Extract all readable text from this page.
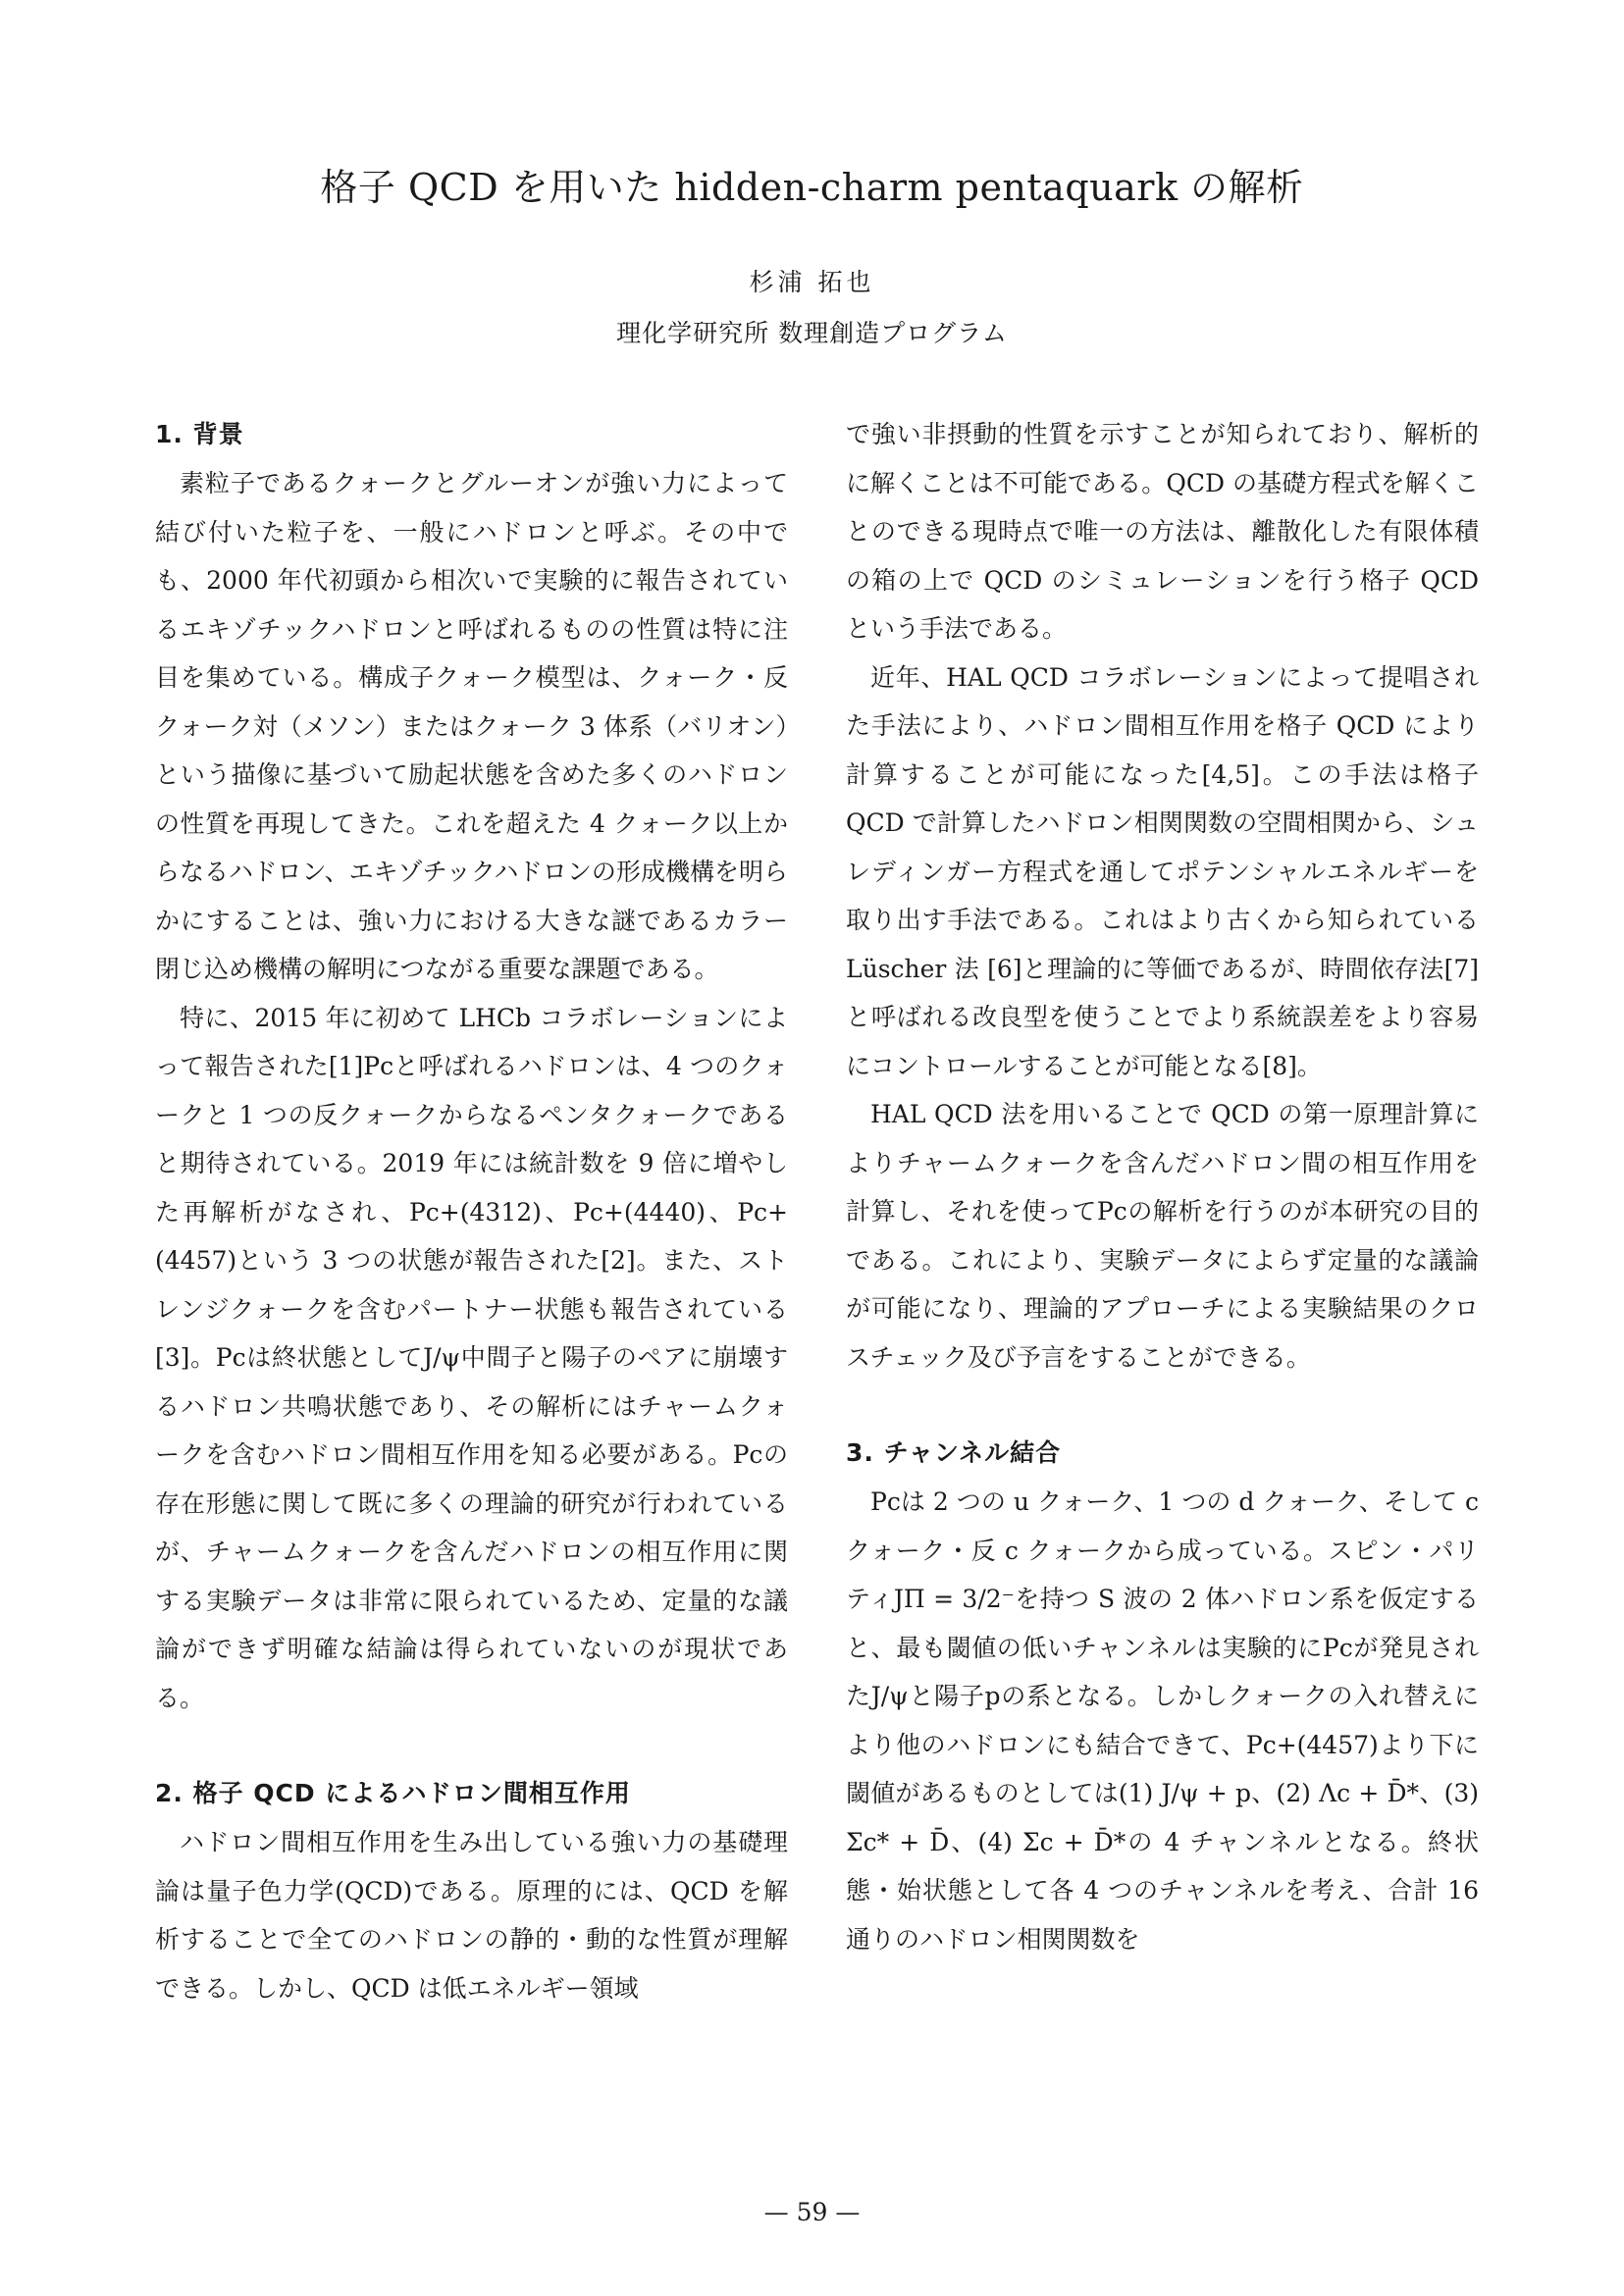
格子 QCD を用いた hidden-charm pentaquark の解析
杉浦 拓也
理化学研究所 数理創造プログラム
1. 背景

素粒子であるクォークとグルーオンが強い力によって結び付いた粒子を、一般にハドロンと呼ぶ。その中でも、2000 年代初頭から相次いで実験的に報告されているエキゾチックハドロンと呼ばれるものの性質は特に注目を集めている。構成子クォーク模型は、クォーク・反クォーク対（メソン）またはクォーク 3 体系（バリオン）という描像に基づいて励起状態を含めた多くのハドロンの性質を再現してきた。これを超えた 4 クォーク以上からなるハドロン、エキゾチックハドロンの形成機構を明らかにすることは、強い力における大きな謎であるカラー閉じ込め機構の解明につながる重要な課題である。

特に、2015 年に初めて LHCb コラボレーションによって報告された[1]Pcと呼ばれるハドロンは、4 つのクォークと 1 つの反クォークからなるペンタクォークであると期待されている。2019 年には統計数を 9 倍に増やした再解析がなされ、Pc+(4312)、Pc+(4440)、Pc+(4457)という 3 つの状態が報告された[2]。また、ストレンジクォークを含むパートナー状態も報告されている[3]。Pcは終状態としてJ/ψ中間子と陽子のペアに崩壊するハドロン共鳴状態であり、その解析にはチャームクォークを含むハドロン間相互作用を知る必要がある。Pcの存在形態に関して既に多くの理論的研究が行われているが、チャームクォークを含んだハドロンの相互作用に関する実験データは非常に限られているため、定量的な議論ができず明確な結論は得られていないのが現状である。

2. 格子 QCD によるハドロン間相互作用

ハドロン間相互作用を生み出している強い力の基礎理論は量子色力学(QCD)である。原理的には、QCD を解析することで全てのハドロンの静的・動的な性質が理解できる。しかし、QCD は低エネルギー領域

で強い非摂動的性質を示すことが知られており、解析的に解くことは不可能である。QCD の基礎方程式を解くことのできる現時点で唯一の方法は、離散化した有限体積の箱の上で QCD のシミュレーションを行う格子 QCD という手法である。

近年、HAL QCD コラボレーションによって提唱された手法により、ハドロン間相互作用を格子 QCD により計算することが可能になった[4,5]。この手法は格子 QCD で計算したハドロン相関関数の空間相関から、シュレディンガー方程式を通してポテンシャルエネルギーを取り出す手法である。これはより古くから知られている Lüscher 法 [6]と理論的に等価であるが、時間依存法[7]と呼ばれる改良型を使うことでより系統誤差をより容易にコントロールすることが可能となる[8]。

HAL QCD 法を用いることで QCD の第一原理計算によりチャームクォークを含んだハドロン間の相互作用を計算し、それを使ってPcの解析を行うのが本研究の目的である。これにより、実験データによらず定量的な議論が可能になり、理論的アプローチによる実験結果のクロスチェック及び予言をすることができる。

3. チャンネル結合

Pcは 2 つの u クォーク、1 つの d クォーク、そして c クォーク・反 c クォークから成っている。スピン・パリティJΠ = 3/2⁻を持つ S 波の 2 体ハドロン系を仮定すると、最も閾値の低いチャンネルは実験的にPcが発見されたJ/ψと陽子pの系となる。しかしクォークの入れ替えにより他のハドロンにも結合できて、Pc+(4457)より下に閾値があるものとしては(1) J/ψ + p、(2) Λc + D̄*、(3) Σc* + D̄、(4) Σc + D̄*の 4 チャンネルとなる。終状態・始状態として各 4 つのチャンネルを考え、合計 16 通りのハドロン相関関数を

— 59 —
